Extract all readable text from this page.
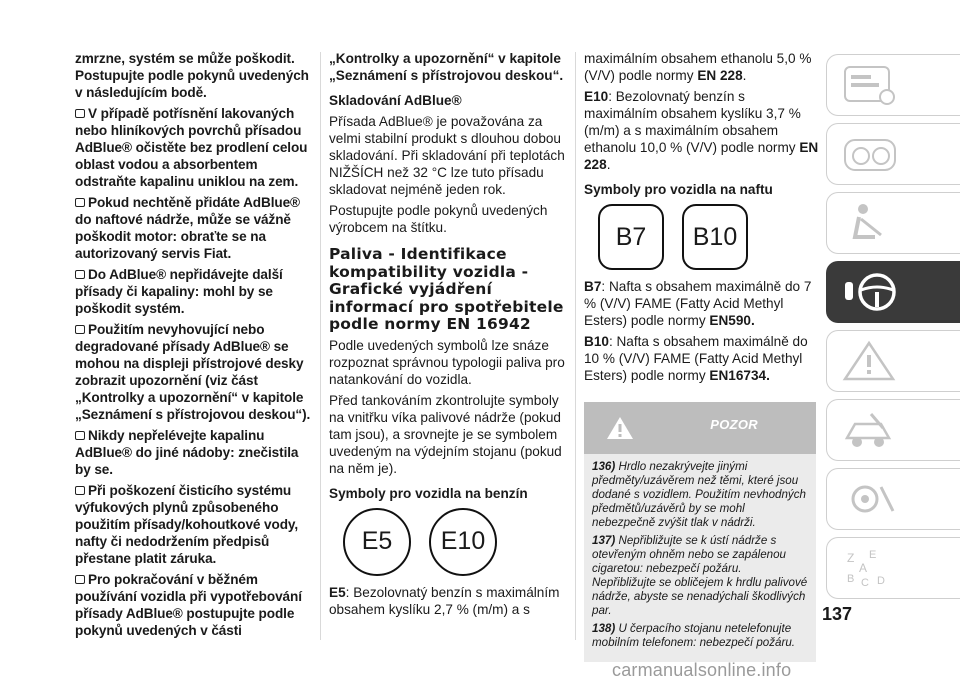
zmrzne, systém se může poškodit. Postupujte podle pokynů uvedených v následujícím bodě.

V případě potřísnění lakovaných nebo hliníkových povrchů přísadou AdBlue® očistěte bez prodlení celou oblast vodou a absorbentem odstraňte kapalinu uniklou na zem.

Pokud nechtěně přidáte AdBlue® do naftové nádrže, může se vážně poškodit motor: obraťte se na autorizovaný servis Fiat.

Do AdBlue® nepřidávejte další přísady či kapaliny: mohl by se poškodit systém.

Použitím nevyhovující nebo degradované přísady AdBlue® se mohou na displeji přístrojové desky zobrazit upozornění (viz část „Kontrolky a upozornění“ v kapitole „Seznámení s přístrojovou deskou“).

Nikdy nepřelévejte kapalinu AdBlue® do jiné nádoby: znečistila by se.

Při poškození čisticího systému výfukových plynů způsobeného použitím přísady/kohoutkové vody, nafty či nedodržením předpisů přestane platit záruka.

Pro pokračování v běžném používání vozidla při vypotřebování přísady AdBlue® postupujte podle pokynů uvedených v části

„Kontrolky a upozornění“ v kapitole „Seznámení s přístrojovou deskou“.

Skladování AdBlue®

Přísada AdBlue® je považována za velmi stabilní produkt s dlouhou dobou skladování. Při skladování při teplotách NIŽŠÍCH než 32 °C lze tuto přísadu skladovat nejméně jeden rok.

Postupujte podle pokynů uvedených výrobcem na štítku.

Paliva - Identifikace kompatibility vozidla - Grafické vyjádření informací pro spotřebitele podle normy EN 16942

Podle uvedených symbolů lze snáze rozpoznat správnou typologii paliva pro natankování do vozidla.

Před tankováním zkontrolujte symboly na vnitřku víka palivové nádrže (pokud tam jsou), a srovnejte je se symbolem uvedeným na výdejním stojanu (pokud na něm je).

Symboly pro vozidla na benzín
E5	E10

E5: Bezolovnatý benzín s maximálním obsahem kyslíku 2,7 % (m/m) a s

maximálním obsahem ethanolu 5,0 % (V/V) podle normy EN 228.

E10: Bezolovnatý benzín s maximálním obsahem kyslíku 3,7 % (m/m) a s maximálním obsahem ethanolu 10,0 % (V/V) podle normy EN 228.

Symboly pro vozidla na naftu
B7	B10

B7: Nafta s obsahem maximálně do 7 % (V/V) FAME (Fatty Acid Methyl Esters) podle normy EN590.

B10: Nafta s obsahem maximálně do 10 % (V/V) FAME (Fatty Acid Methyl Esters) podle normy EN16734.

POZOR

136) Hrdlo nezakrývejte jinými předměty/uzávěrem než těmi, které jsou dodané s vozidlem. Použitím nevhodných předmětů/uzávěrů by se mohl nebezpečně zvýšit tlak v nádrži.

137) Nepřibližujte se k ústí nádrže s otevřeným ohněm nebo se zapálenou cigaretou: nebezpečí požáru. Nepřibližujte se obličejem k hrdlu palivové nádrže, abyste se nenadýchali škodlivých par.

138) U čerpacího stojanu netelefonujte mobilním telefonem: nebezpečí požáru.

Z E
B C D
A
137
carmanualsonline.info
